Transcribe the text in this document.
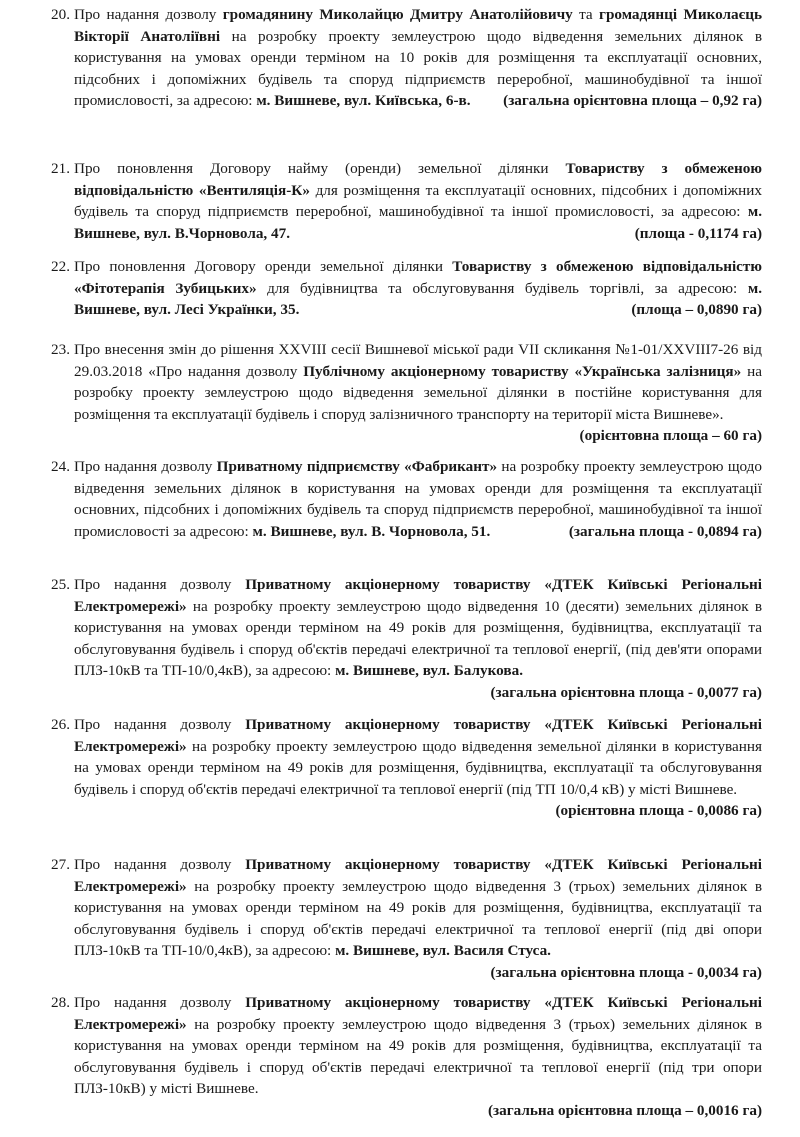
20. Про надання дозволу громадянину Миколайцю Дмитру Анатолійовичу та громадянці Миколаєць Вікторії Анатоліївні на розробку проекту землеустрою щодо відведення земельних ділянок в користування на умовах оренди терміном на 10 років для розміщення та експлуатації основних, підсобних і допоміжних будівель та споруд підприємств переробної, машинобудівної та іншої промисловості, за адресою: м. Вишневе, вул. Київська, 6-в. (загальна орієнтовна площа – 0,92 га)
21. Про поновлення Договору найму (оренди) земельної ділянки Товариству з обмеженою відповідальністю «Вентиляція-К» для розміщення та експлуатації основних, підсобних і допоміжних будівель та споруд підприємств переробної, машинобудівної та іншої промисловості, за адресою: м. Вишневе, вул. В.Чорновола, 47.	(площа - 0,1174 га)
22. Про поновлення Договору оренди земельної ділянки Товариству з обмеженою відповідальністю «Фітотерапія Зубицьких» для будівництва та обслуговування будівель торгівлі, за адресою: м. Вишневе, вул. Лесі Українки, 35.	(площа – 0,0890 га)
23. Про внесення змін до рішення XXVIII сесії Вишневої міської ради VII скликання №1-01/XXVIII7-26 від 29.03.2018 «Про надання дозволу Публічному акціонерному товариству «Українська залізниця» на розробку проекту землеустрою щодо відведення земельної ділянки в постійне користування для розміщення та експлуатації будівель і споруд залізничного транспорту на території міста Вишневе».
(орієнтовна площа – 60 га)
24. Про надання дозволу Приватному підприємству «Фабрикант» на розробку проекту землеустрою щодо відведення земельних ділянок в користування на умовах оренди для розміщення та експлуатації основних, підсобних і допоміжних будівель та споруд підприємств переробної, машинобудівної та іншої промисловості за адресою: м. Вишневе, вул. В. Чорновола, 51.	(загальна площа - 0,0894 га)
25. Про надання дозволу Приватному акціонерному товариству «ДТЕК Київські Регіональні Електромережі» на розробку проекту землеустрою щодо відведення 10 (десяти) земельних ділянок в користування на умовах оренди терміном на 49 років для розміщення, будівництва, експлуатації та обслуговування будівель і споруд об'єктів передачі електричної та теплової енергії, (під дев'яти опорами ПЛЗ-10кВ та ТП-10/0,4кВ), за адресою: м. Вишневе, вул. Балукова.
(загальна орієнтовна площа - 0,0077 га)
26. Про надання дозволу Приватному акціонерному товариству «ДТЕК Київські Регіональні Електромережі» на розробку проекту землеустрою щодо відведення земельної ділянки в користування на умовах оренди терміном на 49 років для розміщення, будівництва, експлуатації та обслуговування будівель і споруд об'єктів передачі електричної та теплової енергії (під ТП 10/0,4 кВ) у місті Вишневе.
(орієнтовна площа - 0,0086 га)
27. Про надання дозволу Приватному акціонерному товариству «ДТЕК Київські Регіональні Електромережі» на розробку проекту землеустрою щодо відведення 3 (трьох) земельних ділянок в користування на умовах оренди терміном на 49 років для розміщення, будівництва, експлуатації та обслуговування будівель і споруд об'єктів передачі електричної та теплової енергії (під дві опори ПЛЗ-10кВ та ТП-10/0,4кВ), за адресою: м. Вишневе, вул. Василя Стуса.
(загальна орієнтовна площа - 0,0034 га)
28. Про надання дозволу Приватному акціонерному товариству «ДТЕК Київські Регіональні Електромережі» на розробку проекту землеустрою щодо відведення 3 (трьох) земельних ділянок в користування на умовах оренди терміном на 49 років для розміщення, будівництва, експлуатації та обслуговування будівель і споруд об'єктів передачі електричної та теплової енергії (під три опори ПЛЗ-10кВ) у місті Вишневе.
(загальна орієнтовна площа – 0,0016 га)
